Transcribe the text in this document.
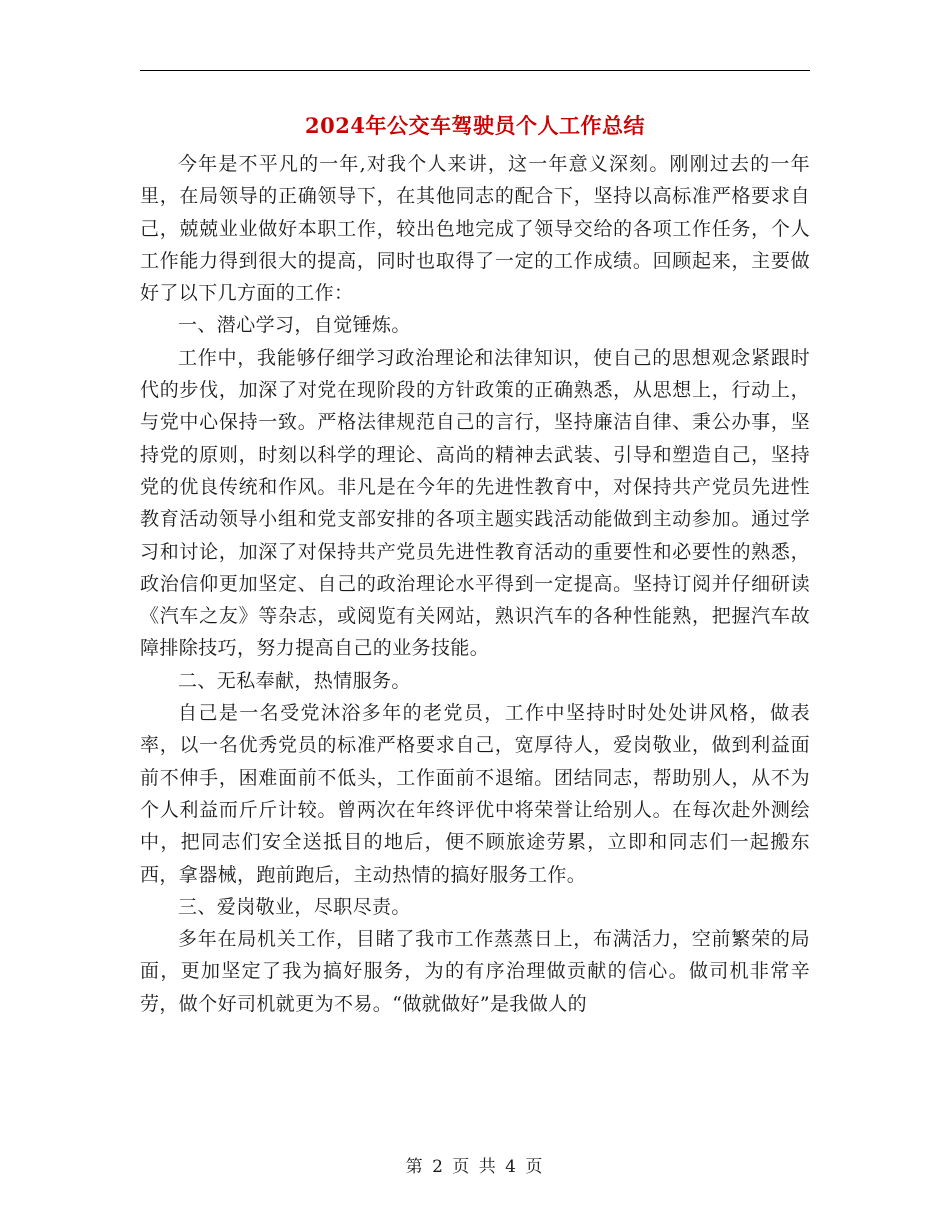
2024年公交车驾驶员个人工作总结

今年是不平凡的一年,对我个人来讲，这一年意义深刻。刚刚过去的一年里，在局领导的正确领导下，在其他同志的配合下，坚持以高标准严格要求自己，兢兢业业做好本职工作，较出色地完成了领导交给的各项工作任务，个人工作能力得到很大的提高，同时也取得了一定的工作成绩。回顾起来，主要做好了以下几方面的工作：

一、潜心学习，自觉锤炼。

工作中，我能够仔细学习政治理论和法律知识，使自己的思想观念紧跟时代的步伐，加深了对党在现阶段的方针政策的正确熟悉，从思想上，行动上，与党中心保持一致。严格法律规范自己的言行，坚持廉洁自律、秉公办事，坚持党的原则，时刻以科学的理论、高尚的精神去武装、引导和塑造自己，坚持党的优良传统和作风。非凡是在今年的先进性教育中，对保持共产党员先进性教育活动领导小组和党支部安排的各项主题实践活动能做到主动参加。通过学习和讨论，加深了对保持共产党员先进性教育活动的重要性和必要性的熟悉，政治信仰更加坚定、自己的政治理论水平得到一定提高。坚持订阅并仔细研读《汽车之友》等杂志，或阅览有关网站，熟识汽车的各种性能熟，把握汽车故障排除技巧，努力提高自己的业务技能。

二、无私奉献，热情服务。

自己是一名受党沐浴多年的老党员，工作中坚持时时处处讲风格，做表率，以一名优秀党员的标准严格要求自己，宽厚待人，爱岗敬业，做到利益面前不伸手，困难面前不低头，工作面前不退缩。团结同志，帮助别人，从不为个人利益而斤斤计较。曾两次在年终评优中将荣誉让给别人。在每次赴外测绘中，把同志们安全送抵目的地后，便不顾旅途劳累，立即和同志们一起搬东西，拿器械，跑前跑后，主动热情的搞好服务工作。

三、爱岗敬业，尽职尽责。

多年在局机关工作，目睹了我市工作蒸蒸日上，布满活力，空前繁荣的局面，更加坚定了我为搞好服务，为的有序治理做贡献的信心。做司机非常辛劳，做个好司机就更为不易。“做就做好”是我做人的

第 2 页 共 4 页
